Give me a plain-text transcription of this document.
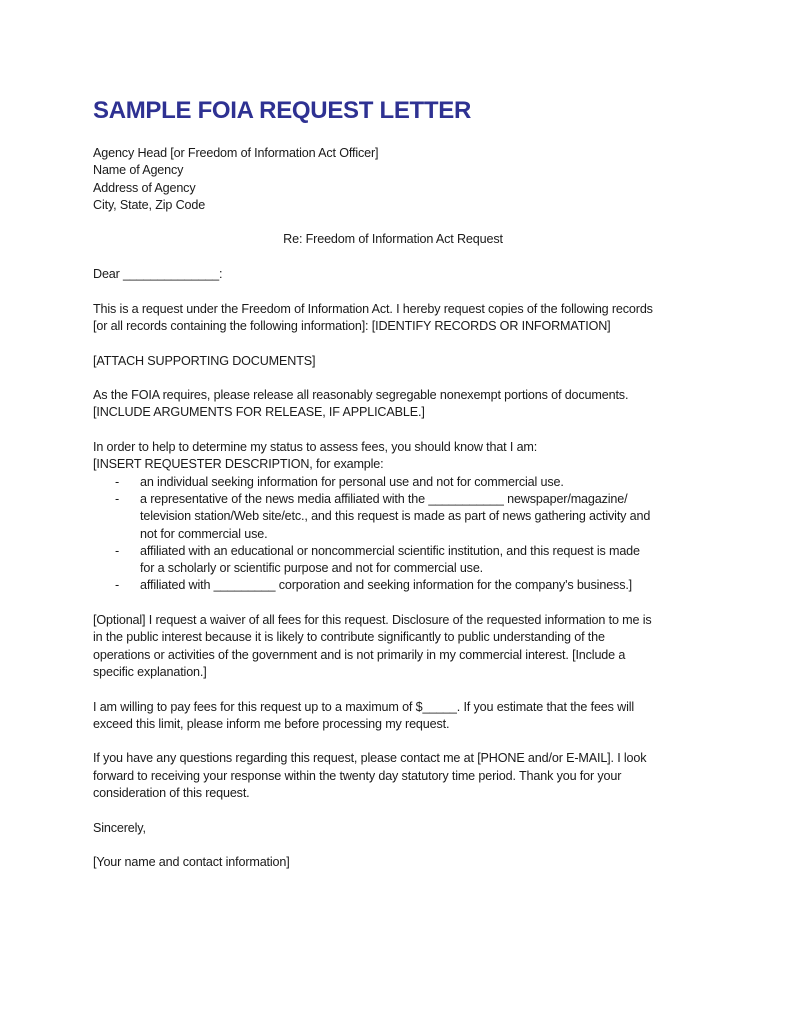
SAMPLE FOIA REQUEST LETTER
Agency Head [or Freedom of Information Act Officer]
Name of Agency
Address of Agency
City, State, Zip Code
Re: Freedom of Information Act Request
Dear ______________:
This is a request under the Freedom of Information Act. I hereby request copies of the following records
[or all records containing the following information]: [IDENTIFY RECORDS OR INFORMATION]
[ATTACH SUPPORTING DOCUMENTS]
As the FOIA requires, please release all reasonably segregable nonexempt portions of documents.
[INCLUDE ARGUMENTS FOR RELEASE, IF APPLICABLE.]
In order to help to determine my status to assess fees, you should know that I am:
[INSERT REQUESTER DESCRIPTION, for example:
- an individual seeking information for personal use and not for commercial use.
- a representative of the news media affiliated with the ___________ newspaper/magazine/
television station/Web site/etc., and this request is made as part of news gathering activity and
not for commercial use.
- affiliated with an educational or noncommercial scientific institution, and this request is made
for a scholarly or scientific purpose and not for commercial use.
- affiliated with _________ corporation and seeking information for the company's business.]
[Optional] I request a waiver of all fees for this request. Disclosure of the requested information to me is
in the public interest because it is likely to contribute significantly to public understanding of the
operations or activities of the government and is not primarily in my commercial interest. [Include a
specific explanation.]
I am willing to pay fees for this request up to a maximum of $_____. If you estimate that the fees will
exceed this limit, please inform me before processing my request.
If you have any questions regarding this request, please contact me at [PHONE and/or E-MAIL]. I look
forward to receiving your response within the twenty day statutory time period. Thank you for your
consideration of this request.
Sincerely,
[Your name and contact information]
